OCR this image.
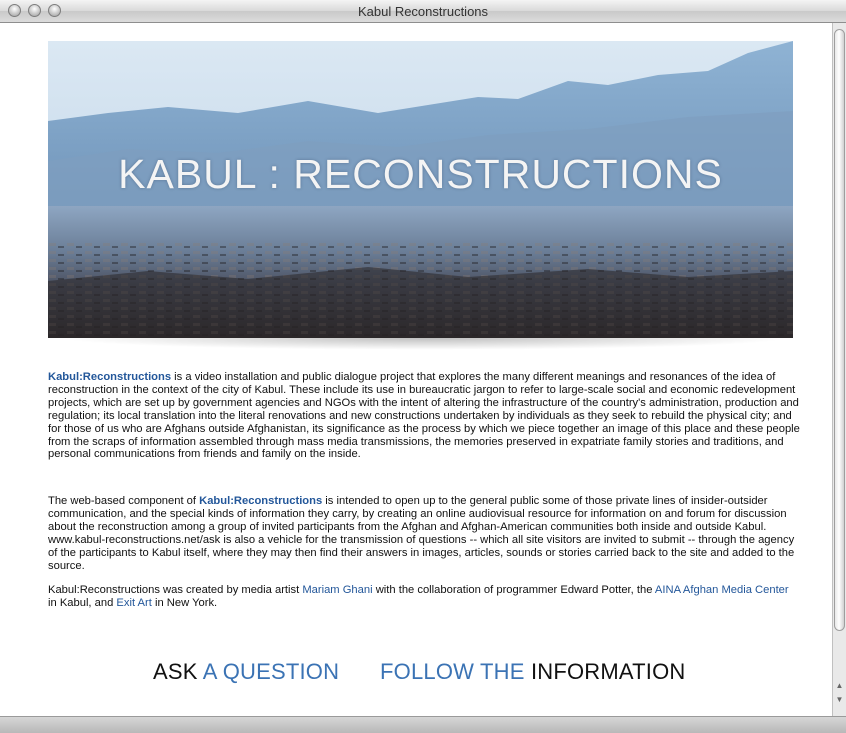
Kabul Reconstructions
KABUL : RECONSTRUCTIONS

Kabul:Reconstructions is a video installation and public dialogue project that explores the many different meanings and resonances of the idea of reconstruction in the context of the city of Kabul. These include its use in bureaucratic jargon to refer to large-scale social and economic redevelopment projects, which are set up by government agencies and NGOs with the intent of altering the infrastructure of the country's administration, production and regulation; its local translation into the literal renovations and new constructions undertaken by individuals as they seek to rebuild the physical city; and for those of us who are Afghans outside Afghanistan, its significance as the process by which we piece together an image of this place and these people from the scraps of information assembled through mass media transmissions, the memories preserved in expatriate family stories and traditions, and personal communications from friends and family on the inside.

The web-based component of Kabul:Reconstructions is intended to open up to the general public some of those private lines of insider-outsider communication, and the special kinds of information they carry, by creating an online audiovisual resource for information on and forum for discussion about the reconstruction among a group of invited participants from the Afghan and Afghan-American communities both inside and outside Kabul. www.kabul-reconstructions.net/ask is also a vehicle for the transmission of questions -- which all site visitors are invited to submit -- through the agency of the participants to Kabul itself, where they may then find their answers in images, articles, sounds or stories carried back to the site and added to the source.

Kabul:Reconstructions was created by media artist Mariam Ghani with the collaboration of programmer Edward Potter, the AINA Afghan Media Center in Kabul, and Exit Art in New York.

ASK A QUESTION FOLLOW THE INFORMATION
▲
▼
